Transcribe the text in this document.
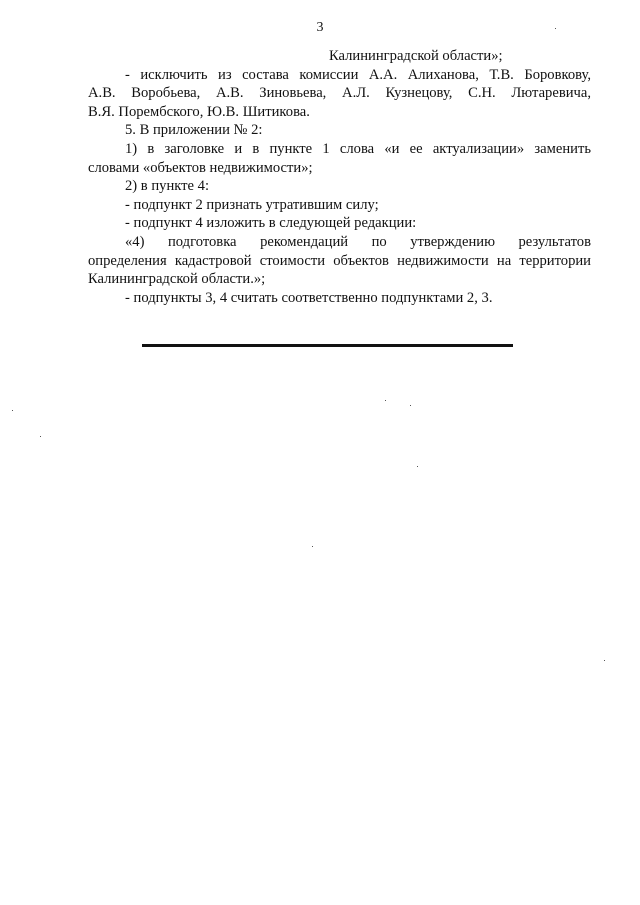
3
Калининградской области»;
- исключить из состава комиссии А.А. Алиханова, Т.В. Боровкову,
А.В. Воробьева, А.В. Зиновьева, А.Л. Кузнецову, С.Н. Лютаревича,
В.Я. Порембского, Ю.В. Шитикова.
5. В приложении № 2:
1) в заголовке и в пункте 1 слова «и ее актуализации» заменить
словами «объектов недвижимости»;
2) в пункте 4:
- подпункт 2 признать утратившим силу;
- подпункт 4 изложить в следующей редакции:
«4) подготовка рекомендаций по утверждению результатов
определения кадастровой стоимости объектов недвижимости на территории
Калининградской области.»;
- подпункты 3, 4 считать соответственно подпунктами 2, 3.
